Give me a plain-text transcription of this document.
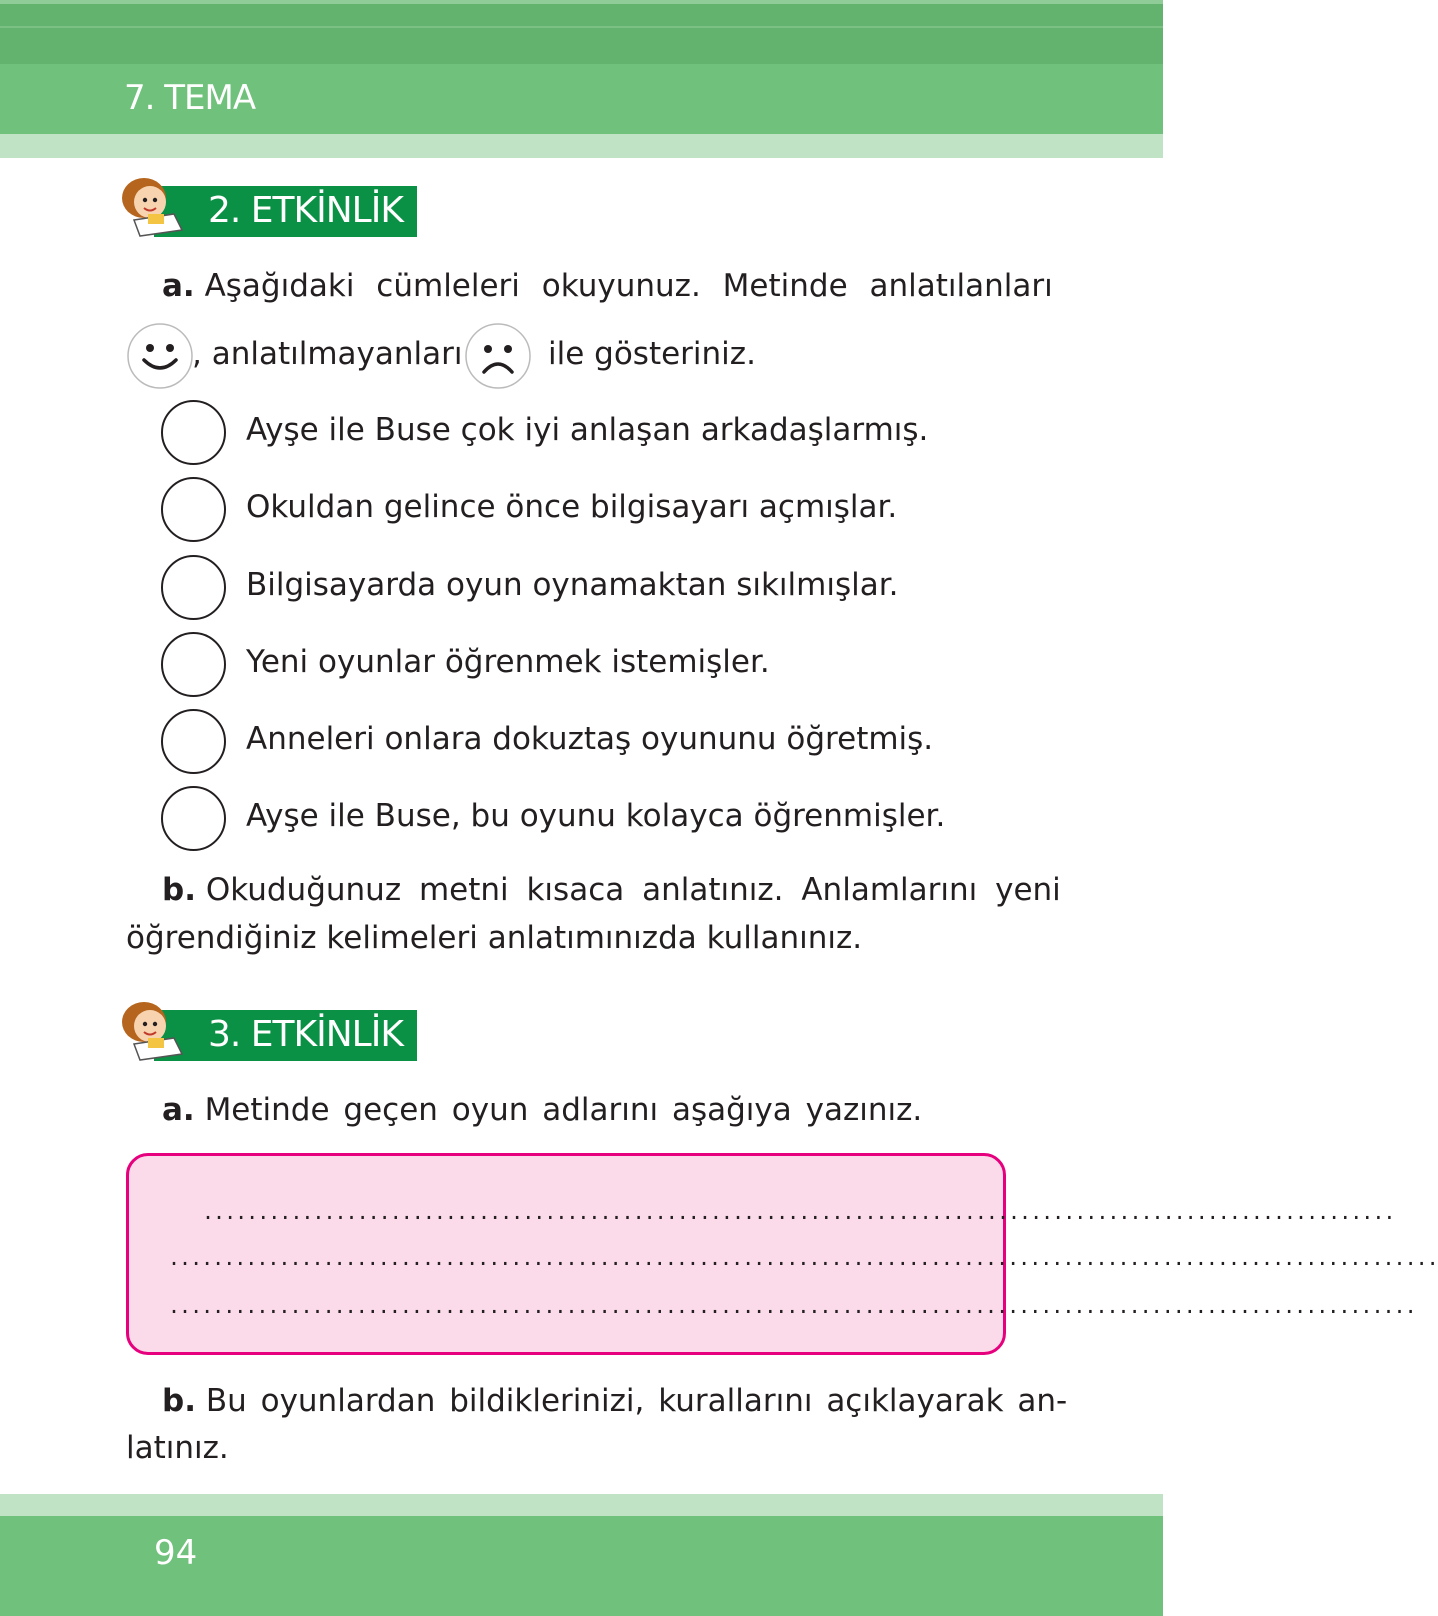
7. TEMA
2. ETKİNLİK
a. Aşağıdaki cümleleri okuyunuz. Metinde anlatılanları
, anlatılmayanları	ile gösteriniz.
Ayşe ile Buse çok iyi anlaşan arkadaşlarmış.
Okuldan gelince önce bilgisayarı açmışlar.
Bilgisayarda oyun oynamaktan sıkılmışlar.
Yeni oyunlar öğrenmek istemişler.
Anneleri onlara dokuztaş oyununu öğretmiş.
Ayşe ile Buse, bu oyunu kolayca öğrenmişler.
b. Okuduğunuz metni kısaca anlatınız. Anlamlarını yeni
öğrendiğiniz kelimeleri anlatımınızda kullanınız.
3. ETKİNLİK
a. Metinde geçen oyun adlarını aşağıya yazınız.
............................................................................................................
...................................................................................................................
.................................................................................................................
b. Bu oyunlardan bildiklerinizi, kurallarını açıklayarak an-
latınız.
94
